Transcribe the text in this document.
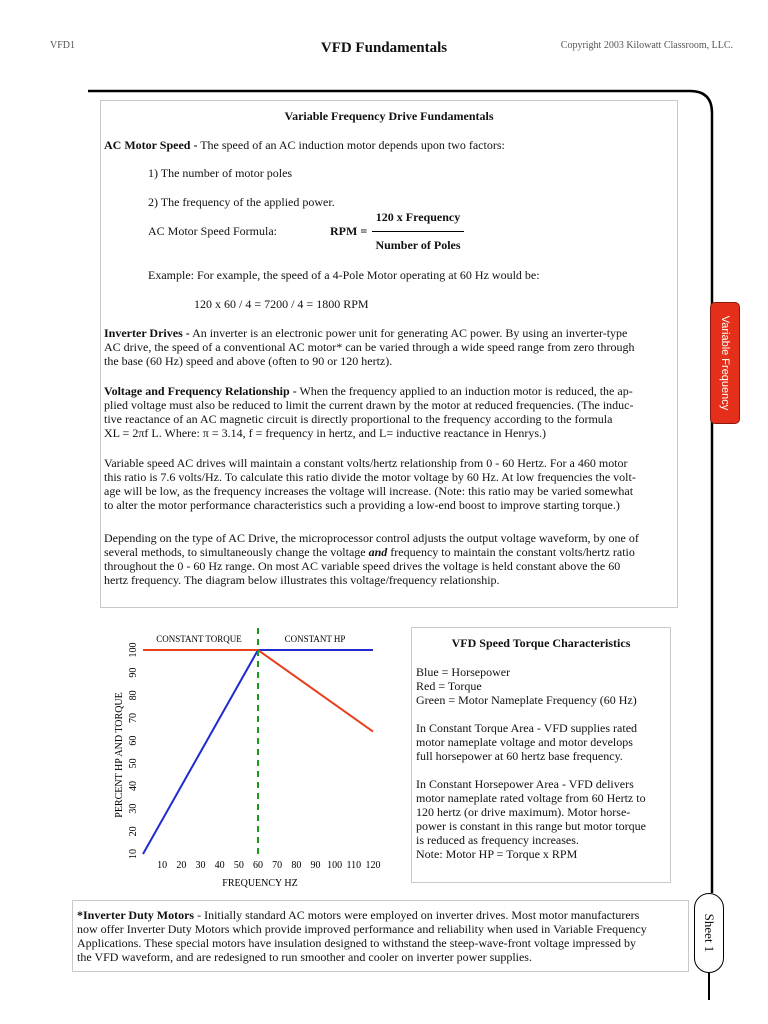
VFD1	VFD Fundamentals	Copyright 2003 Kilowatt Classroom, LLC.
Variable Frequency
Variable Frequency Drive Fundamentals
AC Motor Speed - The speed of an AC induction motor depends upon two factors:
1) The number of motor poles
2) The frequency of the applied power.
AC Motor Speed Formula:	RPM =
120 x Frequency
Number of Poles
Example: For example, the speed of a 4-Pole Motor operating at 60 Hz would be:
120 x 60 / 4 = 7200 / 4 = 1800 RPM
Inverter Drives - An inverter is an electronic power unit for generating AC power. By using an inverter-type
AC drive, the speed of a conventional AC motor* can be varied through a wide speed range from zero through
the base (60 Hz) speed and above (often to 90 or 120 hertz).
Voltage and Frequency Relationship - When the frequency applied to an induction motor is reduced, the ap-
plied voltage must also be reduced to limit the current drawn by the motor at reduced frequencies. (The induc-
tive reactance of an AC magnetic circuit is directly proportional to the frequency according to the formula
XL = 2πf L. Where: π = 3.14, f = frequency in hertz, and L= inductive reactance in Henrys.)
Variable speed AC drives will maintain a constant volts/hertz relationship from 0 - 60 Hertz. For a 460 motor
this ratio is 7.6 volts/Hz. To calculate this ratio divide the motor voltage by 60 Hz. At low frequencies the volt-
age will be low, as the frequency increases the voltage will increase. (Note: this ratio may be varied somewhat
to alter the motor performance characteristics such a providing a low-end boost to improve starting torque.)
Depending on the type of AC Drive, the microprocessor control adjusts the output voltage waveform, by one of
several methods, to simultaneously change the voltage and frequency to maintain the constant volts/hertz ratio
throughout the 0 - 60 Hz range. On most AC variable speed drives the voltage is held constant above the 60
hertz frequency. The diagram below illustrates this voltage/frequency relationship.
10 20 30 40 50 60 70 80 90 100 110 120
10
20
30
40
50
60
70
80
90
100
CONSTANT TORQUE	CONSTANT HP
FREQUENCY HZ
PERCENT HP AND TORQUE
VFD Speed Torque Characteristics
Blue = Horsepower
Red = Torque
Green = Motor Nameplate Frequency (60 Hz)
In Constant Torque Area - VFD supplies rated
motor nameplate voltage and motor develops
full horsepower at 60 hertz base frequency.
In Constant Horsepower Area - VFD delivers
motor nameplate rated voltage from 60 Hertz to
120 hertz (or drive maximum). Motor horse-
power is constant in this range but motor torque
is reduced as frequency increases.
Note: Motor HP = Torque x RPM
Sheet 1
*Inverter Duty Motors - Initially standard AC motors were employed on inverter drives. Most motor manufacturers
now offer Inverter Duty Motors which provide improved performance and reliability when used in Variable Frequency
Applications. These special motors have insulation designed to withstand the steep-wave-front voltage impressed by
the VFD waveform, and are redesigned to run smoother and cooler on inverter power supplies.
